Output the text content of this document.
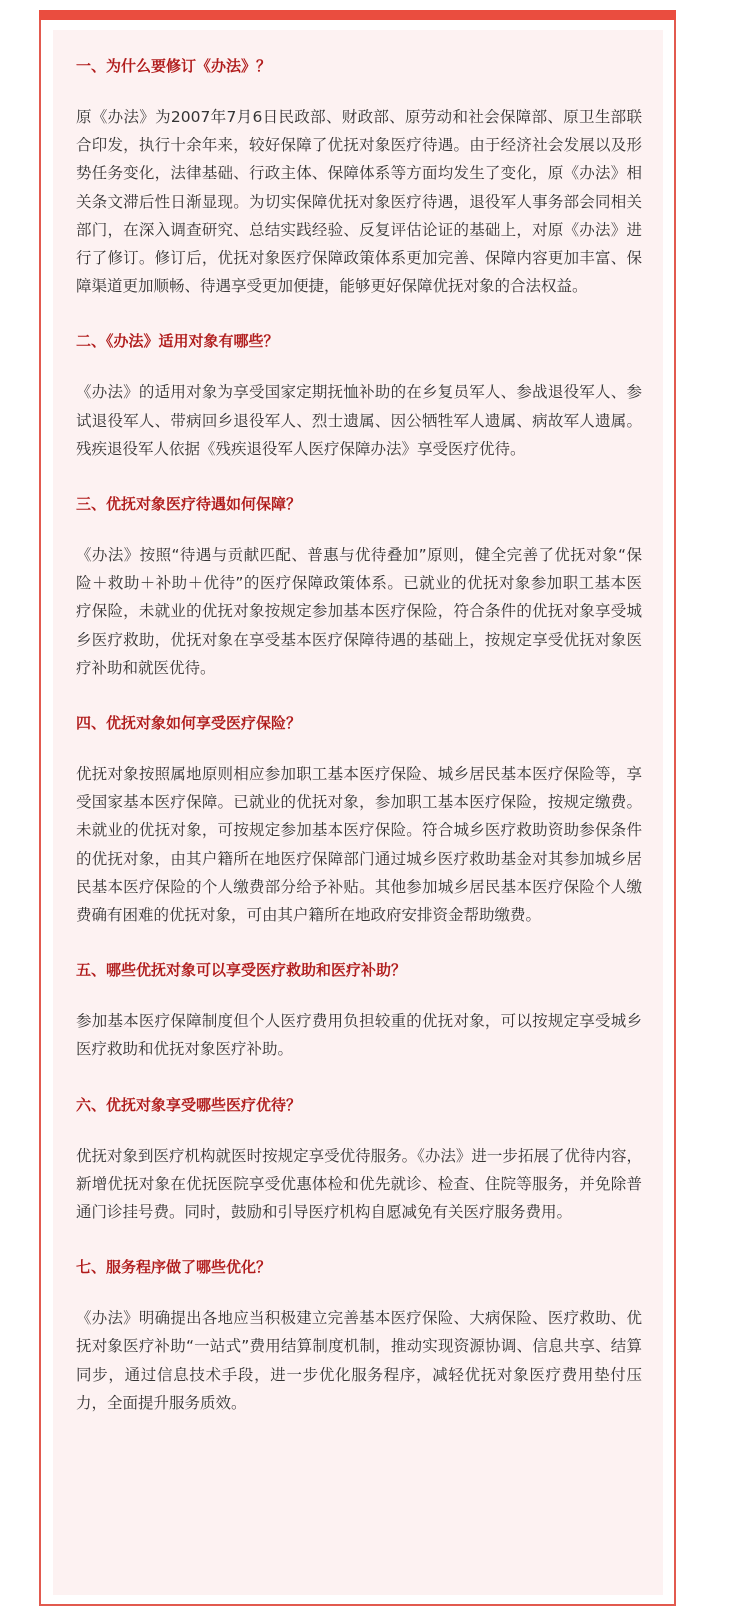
一、为什么要修订《办法》？

原《办法》为2007年7月6日民政部、财政部、原劳动和社会保障部、原卫生部联合印发，执行十余年来，较好保障了优抚对象医疗待遇。由于经济社会发展以及形势任务变化，法律基础、行政主体、保障体系等方面均发生了变化，原《办法》相关条文滞后性日渐显现。为切实保障优抚对象医疗待遇，退役军人事务部会同相关部门，在深入调查研究、总结实践经验、反复评估论证的基础上，对原《办法》进行了修订。修订后，优抚对象医疗保障政策体系更加完善、保障内容更加丰富、保障渠道更加顺畅、待遇享受更加便捷，能够更好保障优抚对象的合法权益。

二、《办法》适用对象有哪些？

《办法》的适用对象为享受国家定期抚恤补助的在乡复员军人、参战退役军人、参试退役军人、带病回乡退役军人、烈士遗属、因公牺牲军人遗属、病故军人遗属。残疾退役军人依据《残疾退役军人医疗保障办法》享受医疗优待。

三、优抚对象医疗待遇如何保障？

《办法》按照“待遇与贡献匹配、普惠与优待叠加”原则，健全完善了优抚对象“保险＋救助＋补助＋优待”的医疗保障政策体系。已就业的优抚对象参加职工基本医疗保险，未就业的优抚对象按规定参加基本医疗保险，符合条件的优抚对象享受城乡医疗救助，优抚对象在享受基本医疗保障待遇的基础上，按规定享受优抚对象医疗补助和就医优待。

四、优抚对象如何享受医疗保险？

优抚对象按照属地原则相应参加职工基本医疗保险、城乡居民基本医疗保险等，享受国家基本医疗保障。已就业的优抚对象，参加职工基本医疗保险，按规定缴费。未就业的优抚对象，可按规定参加基本医疗保险。符合城乡医疗救助资助参保条件的优抚对象，由其户籍所在地医疗保障部门通过城乡医疗救助基金对其参加城乡居民基本医疗保险的个人缴费部分给予补贴。其他参加城乡居民基本医疗保险个人缴费确有困难的优抚对象，可由其户籍所在地政府安排资金帮助缴费。

五、哪些优抚对象可以享受医疗救助和医疗补助？

参加基本医疗保障制度但个人医疗费用负担较重的优抚对象，可以按规定享受城乡医疗救助和优抚对象医疗补助。

六、优抚对象享受哪些医疗优待？

优抚对象到医疗机构就医时按规定享受优待服务。《办法》进一步拓展了优待内容，新增优抚对象在优抚医院享受优惠体检和优先就诊、检查、住院等服务，并免除普通门诊挂号费。同时，鼓励和引导医疗机构自愿减免有关医疗服务费用。

七、服务程序做了哪些优化？

《办法》明确提出各地应当积极建立完善基本医疗保险、大病保险、医疗救助、优抚对象医疗补助“一站式”费用结算制度机制，推动实现资源协调、信息共享、结算同步，通过信息技术手段，进一步优化服务程序，减轻优抚对象医疗费用垫付压力，全面提升服务质效。
